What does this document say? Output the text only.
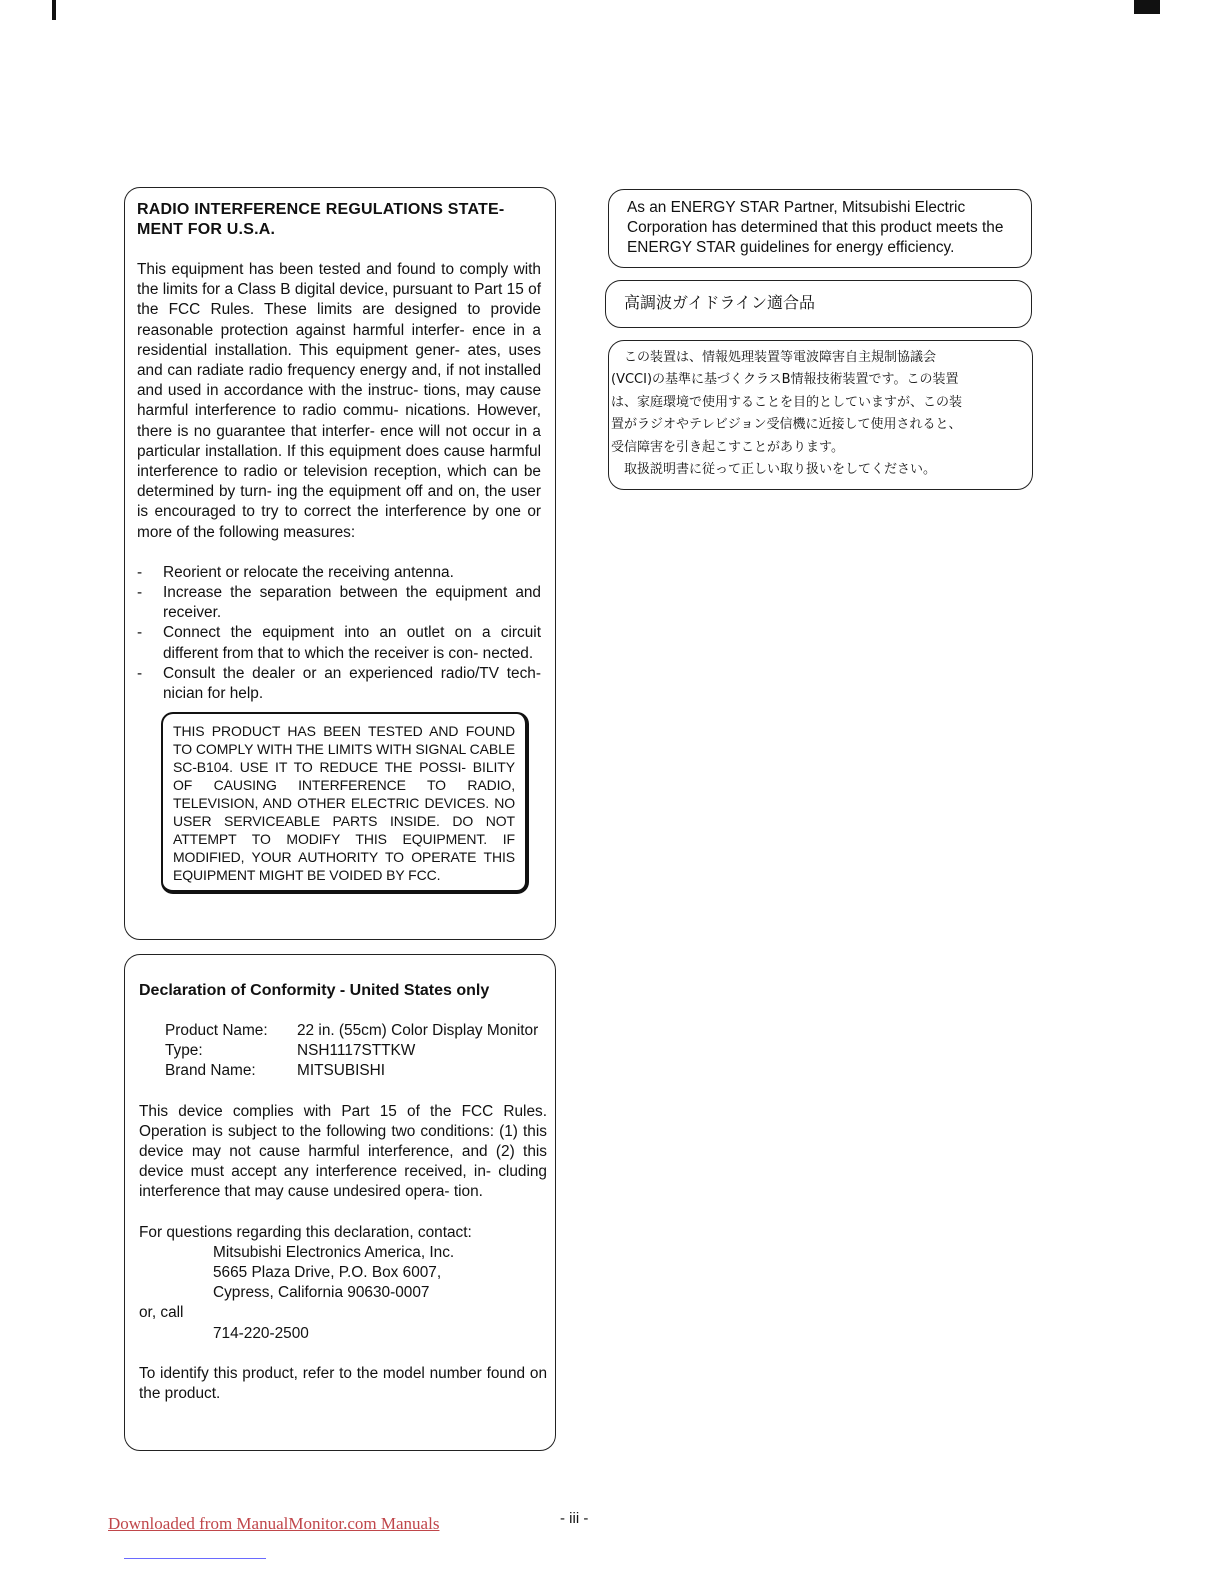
RADIO INTERFERENCE REGULATIONS STATE- MENT FOR U.S.A.

This equipment has been tested and found to comply with the limits for a Class B digital device, pursuant to Part 15 of the FCC Rules. These limits are designed to provide reasonable protection against harmful interfer- ence in a residential installation. This equipment gener- ates, uses and can radiate radio frequency energy and, if not installed and used in accordance with the instruc- tions, may cause harmful interference to radio commu- nications. However, there is no guarantee that interfer- ence will not occur in a particular installation. If this equipment does cause harmful interference to radio or television reception, which can be determined by turn- ing the equipment off and on, the user is encouraged to try to correct the interference by one or more of the following measures:

- Reorient or relocate the receiving antenna.
- Increase the separation between the equipment and receiver.
- Connect the equipment into an outlet on a circuit different from that to which the receiver is con- nected.
- Consult the dealer or an experienced radio/TV tech- nician for help.
THIS PRODUCT HAS BEEN TESTED AND FOUND TO COMPLY WITH THE LIMITS WITH SIGNAL CABLE SC-B104. USE IT TO REDUCE THE POSSI- BILITY OF CAUSING INTERFERENCE TO RADIO, TELEVISION, AND OTHER ELECTRIC DEVICES. NO USER SERVICEABLE PARTS INSIDE. DO NOT ATTEMPT TO MODIFY THIS EQUIPMENT. IF MODIFIED, YOUR AUTHORITY TO OPERATE THIS EQUIPMENT MIGHT BE VOIDED BY FCC.

Declaration of Conformity - United States only

Product Name:	22 in. (55cm) Color Display Monitor
Type:	NSH1117STTKW
Brand Name:	MITSUBISHI

This device complies with Part 15 of the FCC Rules. Operation is subject to the following two conditions: (1) this device may not cause harmful interference, and (2) this device must accept any interference received, in- cluding interference that may cause undesired opera- tion.

For questions regarding this declaration, contact:

Mitsubishi Electronics America, Inc.
5665 Plaza Drive, P.O. Box 6007,
Cypress, California 90630-0007

or, call

714-220-2500

To identify this product, refer to the model number found on the product.

As an ENERGY STAR Partner, Mitsubishi Electric Corporation has determined that this product meets the ENERGY STAR guidelines for energy efficiency.

高調波ガイドライン適合品

　この装置は、情報処理装置等電波障害自主規制協議会
(VCCI)の基準に基づくクラスB情報技術装置です。この装置
は、家庭環境で使用することを目的としていますが、この装
置がラジオやテレビジョン受信機に近接して使用されると、
受信障害を引き起こすことがあります。
　取扱説明書に従って正しい取り扱いをしてください。

Downloaded from ManualMonitor.com Manuals	- iii -
